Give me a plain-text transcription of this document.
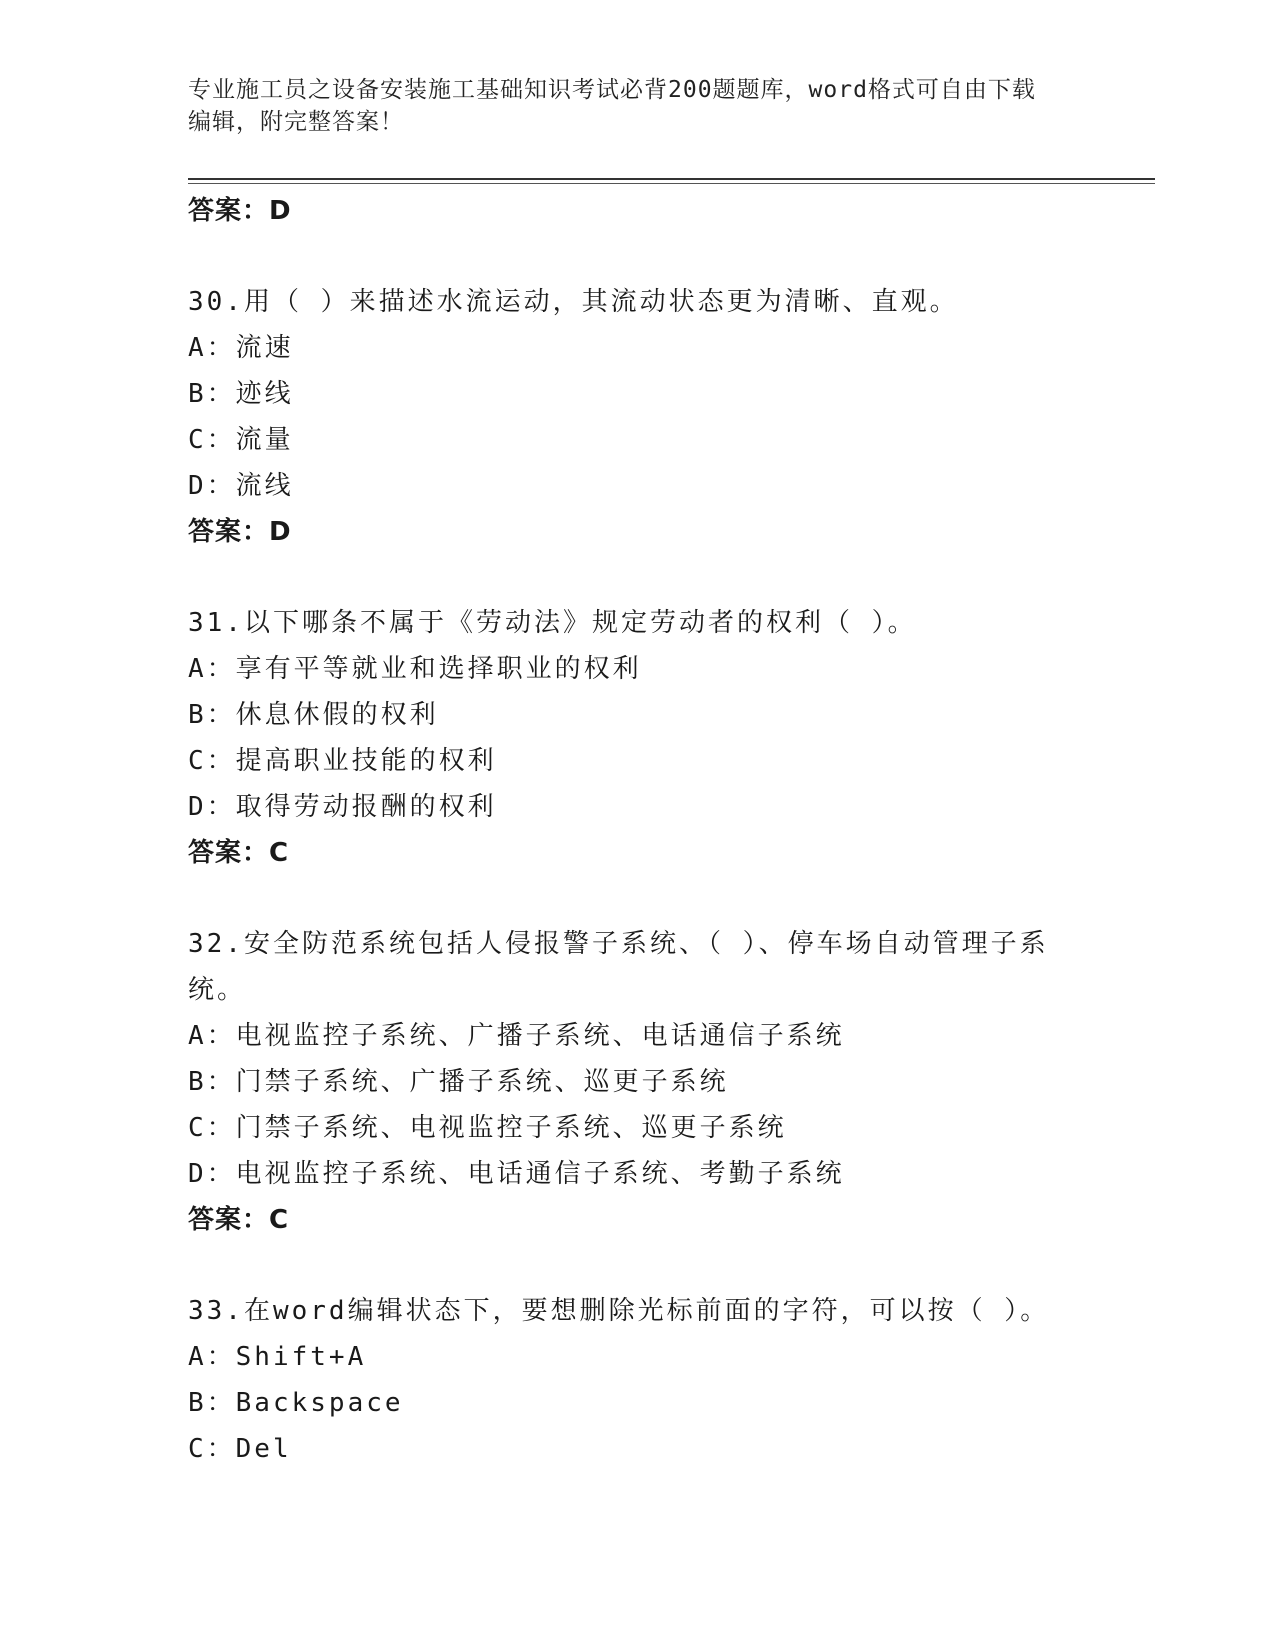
专业施工员之设备安装施工基础知识考试必背200题题库，word格式可自由下载
编辑，附完整答案！

答案：D

30.用（ ）来描述水流运动，其流动状态更为清晰、直观。

A：流速

B：迹线

C：流量

D：流线

答案：D

31.以下哪条不属于《劳动法》规定劳动者的权利（ ）。

A：享有平等就业和选择职业的权利

B：休息休假的权利

C：提高职业技能的权利

D：取得劳动报酬的权利

答案：C

32.安全防范系统包括人侵报警子系统、（ ）、停车场自动管理子系

统。

A：电视监控子系统、广播子系统、电话通信子系统

B：门禁子系统、广播子系统、巡更子系统

C：门禁子系统、电视监控子系统、巡更子系统

D：电视监控子系统、电话通信子系统、考勤子系统

答案：C

33.在word编辑状态下，要想删除光标前面的字符，可以按（ ）。

A：Shift+A

B：Backspace

C：Del
